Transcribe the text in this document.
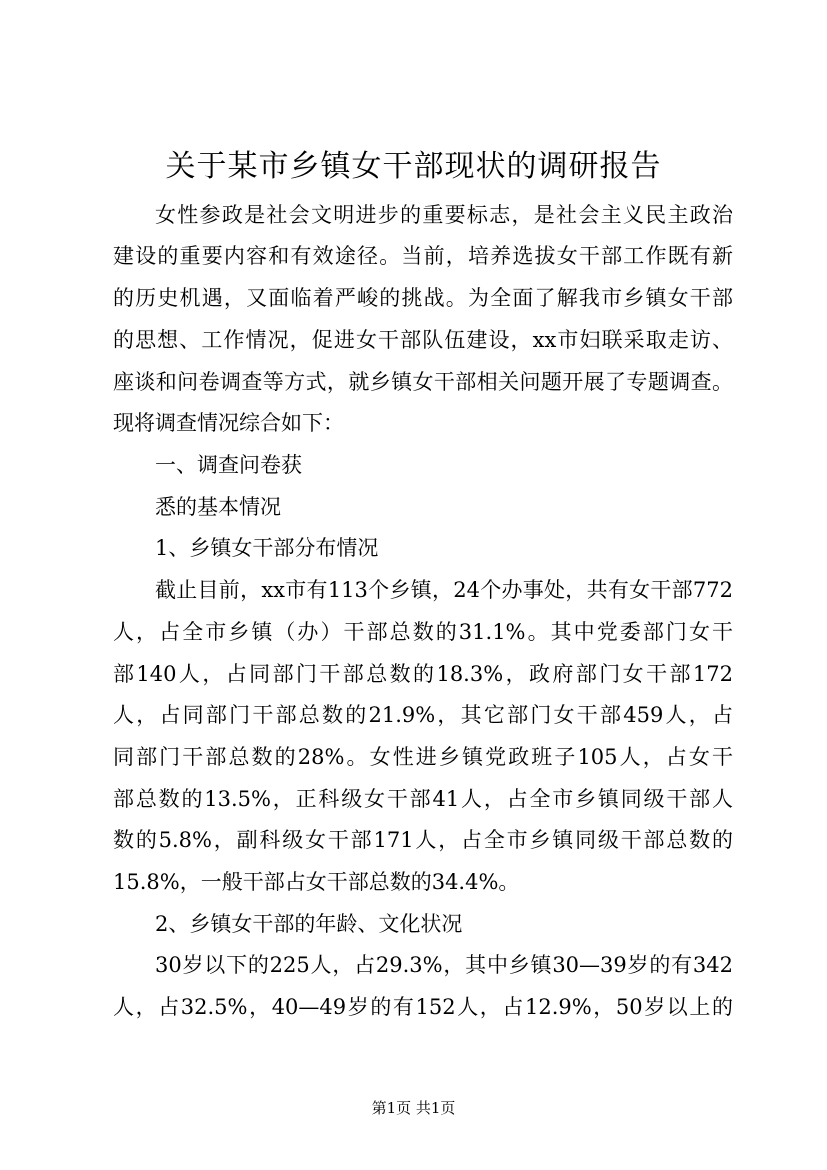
关于某市乡镇女干部现状的调研报告
女性参政是社会文明进步的重要标志，是社会主义民主政治
建设的重要内容和有效途径。当前，培养选拔女干部工作既有新
的历史机遇，又面临着严峻的挑战。为全面了解我市乡镇女干部
的思想、工作情况，促进女干部队伍建设，xx市妇联采取走访、
座谈和问卷调查等方式，就乡镇女干部相关问题开展了专题调查。
现将调查情况综合如下：
一、调查问卷获
悉的基本情况
1、乡镇女干部分布情况
截止目前，xx市有113个乡镇，24个办事处，共有女干部772
人，占全市乡镇（办）干部总数的31.1%。其中党委部门女干
部140人，占同部门干部总数的18.3%，政府部门女干部172
人，占同部门干部总数的21.9%，其它部门女干部459人，占
同部门干部总数的28%。女性进乡镇党政班子105人，占女干
部总数的13.5%，正科级女干部41人，占全市乡镇同级干部人
数的5.8%，副科级女干部171人，占全市乡镇同级干部总数的
15.8%，一般干部占女干部总数的34.4%。
2、乡镇女干部的年龄、文化状况
30岁以下的225人，占29.3%，其中乡镇30—39岁的有342
人，占32.5%，40—49岁的有152人，占12.9%，50岁以上的
第1页 共1页
